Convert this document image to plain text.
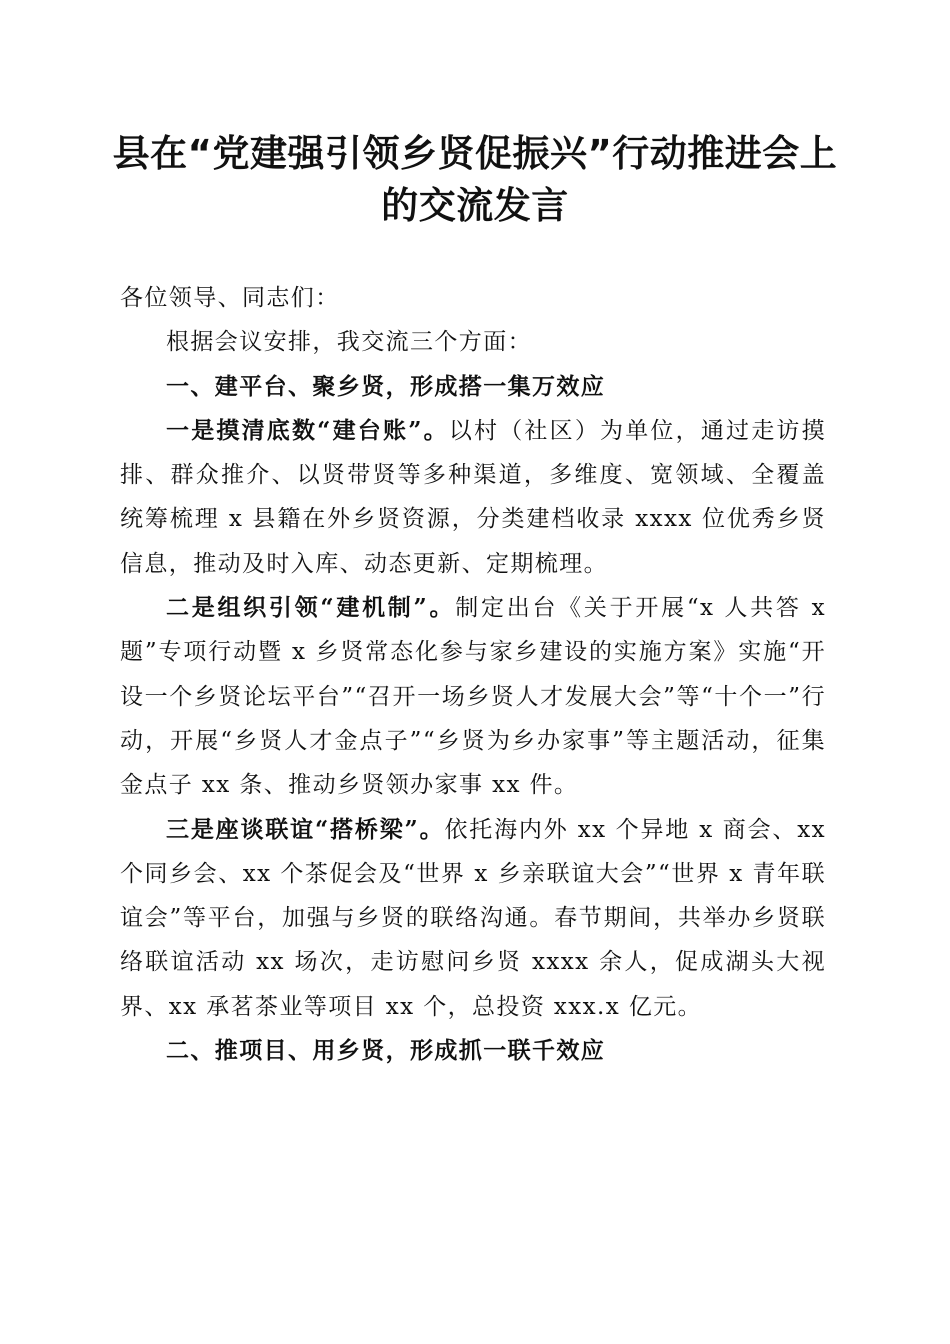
县在“党建强引领乡贤促振兴”行动推进会上
的交流发言

各位领导、同志们：

根据会议安排，我交流三个方面：

一、建平台、聚乡贤，形成搭一集万效应

一是摸清底数“建台账”。以村（社区）为单位，通过走访摸排、群众推介、以贤带贤等多种渠道，多维度、宽领域、全覆盖统筹梳理 x 县籍在外乡贤资源，分类建档收录 xxxx 位优秀乡贤信息，推动及时入库、动态更新、定期梳理。

二是组织引领“建机制”。制定出台《关于开展“x 人共答 x 题”专项行动暨 x 乡贤常态化参与家乡建设的实施方案》实施“开设一个乡贤论坛平台”“召开一场乡贤人才发展大会”等“十个一”行动，开展“乡贤人才金点子”“乡贤为乡办家事”等主题活动，征集金点子 xx 条、推动乡贤领办家事 xx 件。

三是座谈联谊“搭桥梁”。依托海内外 xx 个异地 x 商会、xx 个同乡会、xx 个茶促会及“世界 x 乡亲联谊大会”“世界 x 青年联谊会”等平台，加强与乡贤的联络沟通。春节期间，共举办乡贤联络联谊活动 xx 场次，走访慰问乡贤 xxxx 余人，促成湖头大视界、xx 承茗茶业等项目 xx 个，总投资 xxx.x 亿元。

二、推项目、用乡贤，形成抓一联千效应
